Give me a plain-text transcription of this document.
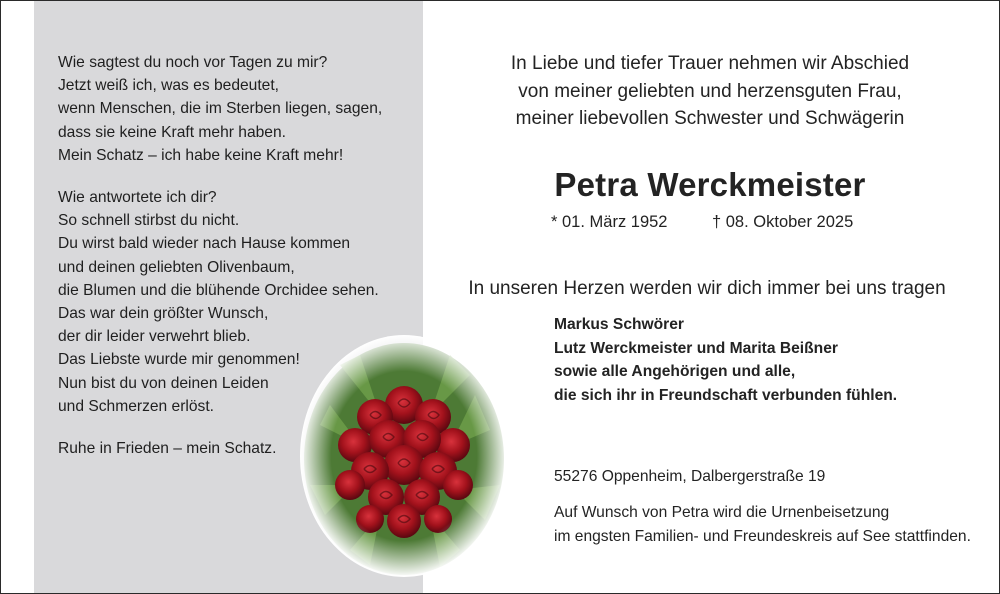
Wie sagtest du noch vor Tagen zu mir?
Jetzt weiß ich, was es bedeutet,
wenn Menschen, die im Sterben liegen, sagen,
dass sie keine Kraft mehr haben.
Mein Schatz – ich habe keine Kraft mehr!
Wie antwortete ich dir?
So schnell stirbst du nicht.
Du wirst bald wieder nach Hause kommen
und deinen geliebten Olivenbaum,
die Blumen und die blühende Orchidee sehen.
Das war dein größter Wunsch,
der dir leider verwehrt blieb.
Das Liebste wurde mir genommen!
Nun bist du von deinen Leiden
und Schmerzen erlöst.
Ruhe in Frieden – mein Schatz.
In Liebe und tiefer Trauer nehmen wir Abschied
von meiner geliebten und herzensguten Frau,
meiner liebevollen Schwester und Schwägerin
Petra Werckmeister
* 01. März 1952	† 08. Oktober 2025
In unseren Herzen werden wir dich immer bei uns tragen
Markus Schwörer
Lutz Werckmeister und Marita Beißner
sowie alle Angehörigen und alle,
die sich ihr in Freundschaft verbunden fühlen.
55276 Oppenheim, Dalbergerstraße 19
Auf Wunsch von Petra wird die Urnenbeisetzung
im engsten Familien- und Freundeskreis auf See stattfinden.
